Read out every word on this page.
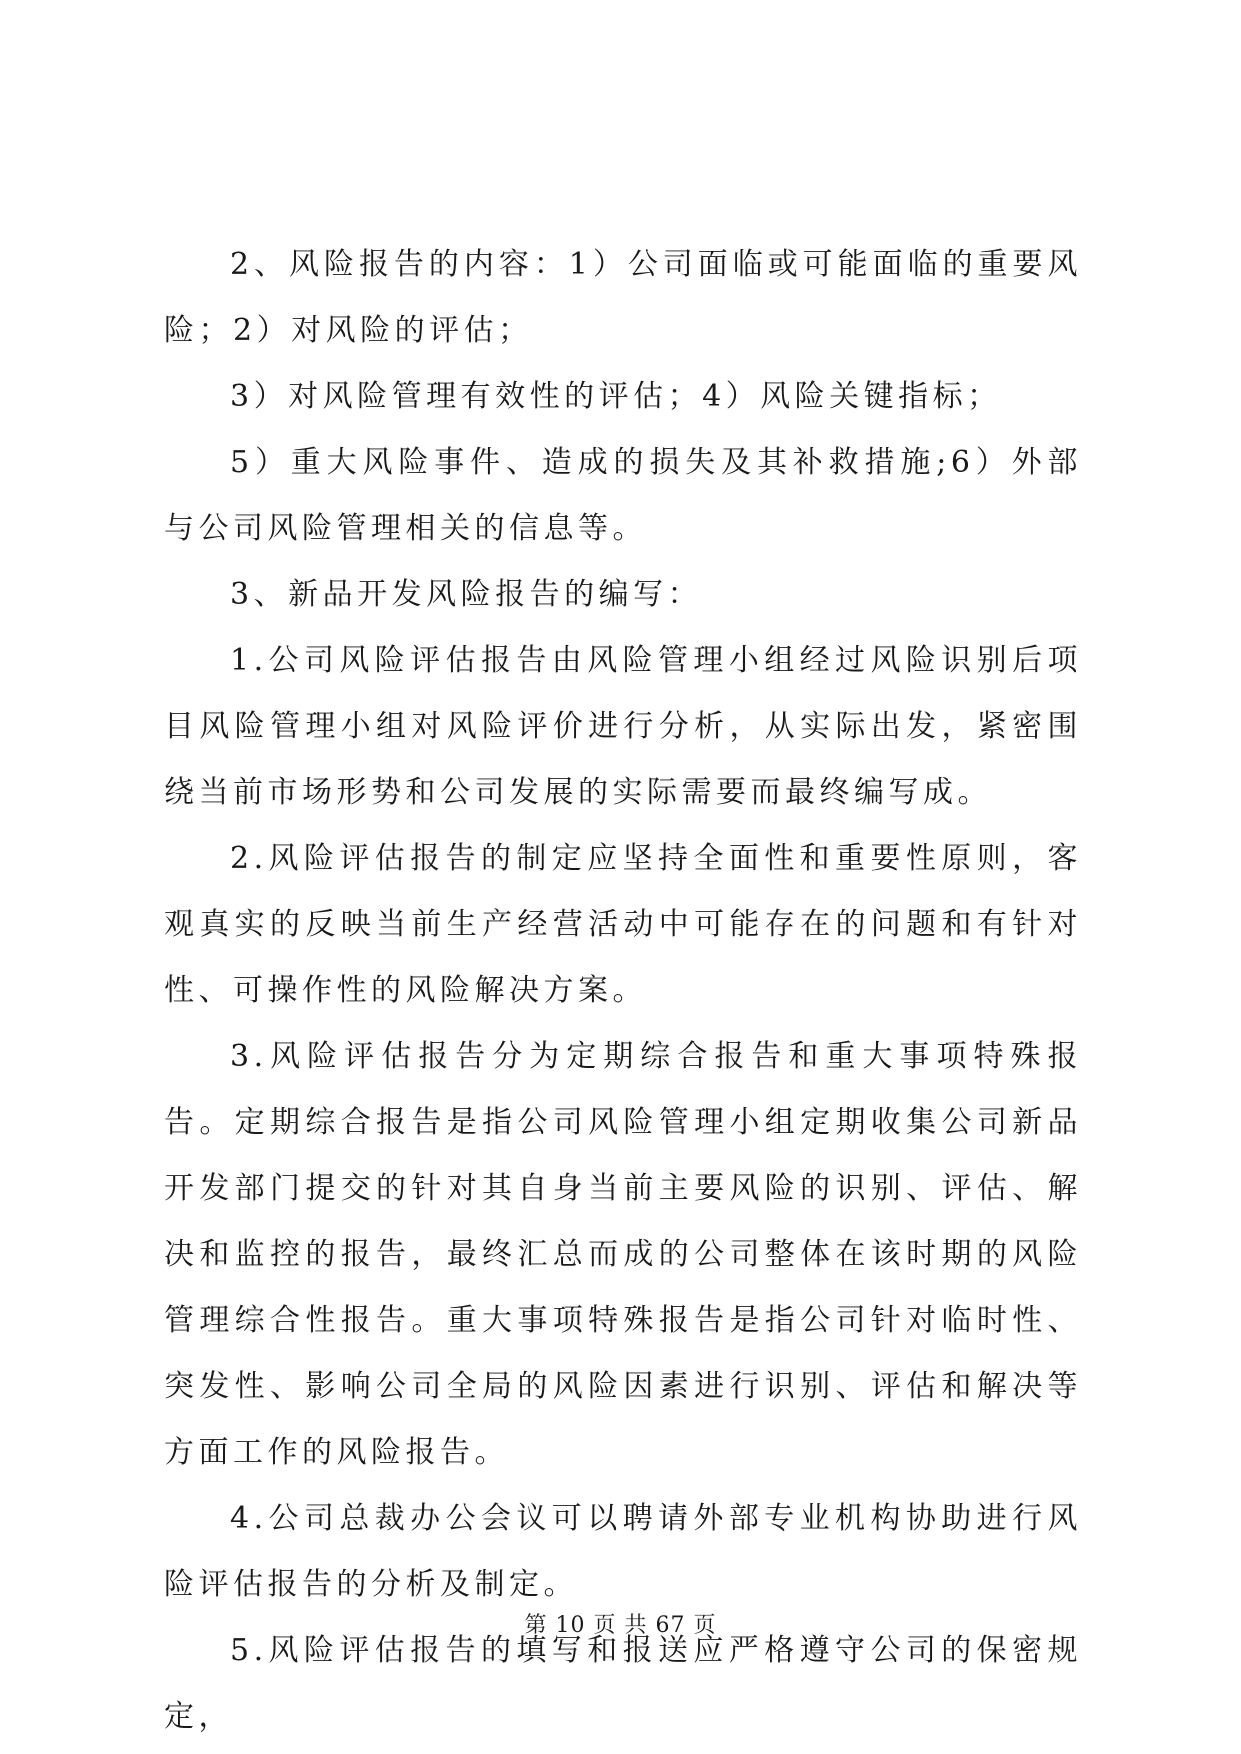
2、风险报告的内容：1）公司面临或可能面临的重要风险；2）对风险的评估；

3）对风险管理有效性的评估；4）风险关键指标；

5）重大风险事件、造成的损失及其补救措施;6）外部与公司风险管理相关的信息等。

3、新品开发风险报告的编写：

1.公司风险评估报告由风险管理小组经过风险识别后项目风险管理小组对风险评价进行分析，从实际出发，紧密围绕当前市场形势和公司发展的实际需要而最终编写成。

2.风险评估报告的制定应坚持全面性和重要性原则，客观真实的反映当前生产经营活动中可能存在的问题和有针对性、可操作性的风险解决方案。

3.风险评估报告分为定期综合报告和重大事项特殊报告。定期综合报告是指公司风险管理小组定期收集公司新品开发部门提交的针对其自身当前主要风险的识别、评估、解决和监控的报告，最终汇总而成的公司整体在该时期的风险管理综合性报告。重大事项特殊报告是指公司针对临时性、突发性、影响公司全局的风险因素进行识别、评估和解决等方面工作的风险报告。

4.公司总裁办公会议可以聘请外部专业机构协助进行风险评估报告的分析及制定。

5.风险评估报告的填写和报送应严格遵守公司的保密规定，

第 10 页 共 67 页
